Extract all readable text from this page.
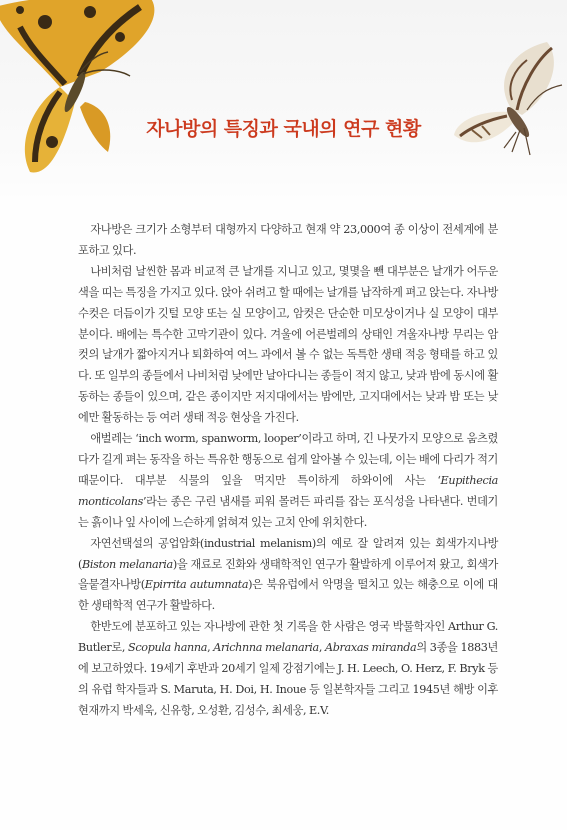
자나방의 특징과 국내의 연구 현황

자나방은 크기가 소형부터 대형까지 다양하고 현재 약 23,000여 종 이상이 전세계에 분포하고 있다.

나비처럼 날씬한 몸과 비교적 큰 날개를 지니고 있고, 몇몇을 뺀 대부분은 날개가 어두운 색을 띠는 특징을 가지고 있다. 앉아 쉬려고 할 때에는 날개를 납작하게 펴고 앉는다. 자나방 수컷은 더듬이가 깃털 모양 또는 실 모양이고, 암컷은 단순한 미모상이거나 실 모양이 대부분이다. 배에는 특수한 고막기관이 있다. 겨울에 어른벌레의 상태인 겨울자나방 무리는 암컷의 날개가 짧아지거나 퇴화하여 여느 과에서 볼 수 없는 독특한 생태 적응 형태를 하고 있다. 또 일부의 종들에서 나비처럼 낮에만 날아다니는 종들이 적지 않고, 낮과 밤에 동시에 활동하는 종들이 있으며, 같은 종이지만 저지대에서는 밤에만, 고지대에서는 낮과 밤 또는 낮에만 활동하는 등 여러 생태 적응 현상을 가진다.

애벌레는 ‘inch worm, spanworm, looper’이라고 하며, 긴 나뭇가지 모양으로 움츠렸다가 길게 펴는 동작을 하는 특유한 행동으로 쉽게 알아볼 수 있는데, 이는 배에 다리가 적기 때문이다. 대부분 식물의 잎을 먹지만 특이하게 하와이에 사는 ‘Eupithecia monticolans’라는 종은 구린 냄새를 피워 몰려든 파리를 잡는 포식성을 나타낸다. 번데기는 흙이나 잎 사이에 느슨하게 얽혀져 있는 고치 안에 위치한다.

자연선택설의 공업암화(industrial melanism)의 예로 잘 알려져 있는 회색가지나방(Biston melanaria)을 재료로 진화와 생태학적인 연구가 활발하게 이루어져 왔고, 회색가을뭍결자나방(Epirrita autumnata)은 북유럽에서 악명을 떨치고 있는 해충으로 이에 대한 생태학적 연구가 활발하다.

한반도에 분포하고 있는 자나방에 관한 첫 기록을 한 사람은 영국 박물학자인 Arthur G. Butler로, Scopula hanna, Arichnna melanaria, Abraxas miranda의 3종을 1883년에 보고하였다. 19세기 후반과 20세기 일제 강점기에는 J. H. Leech, O. Herz, F. Bryk 등의 유럽 학자들과 S. Maruta, H. Doi, H. Inoue 등 일본학자들 그리고 1945년 해방 이후 현재까지 박세욱, 신유항, 오성환, 김성수, 최세웅, E.V.
